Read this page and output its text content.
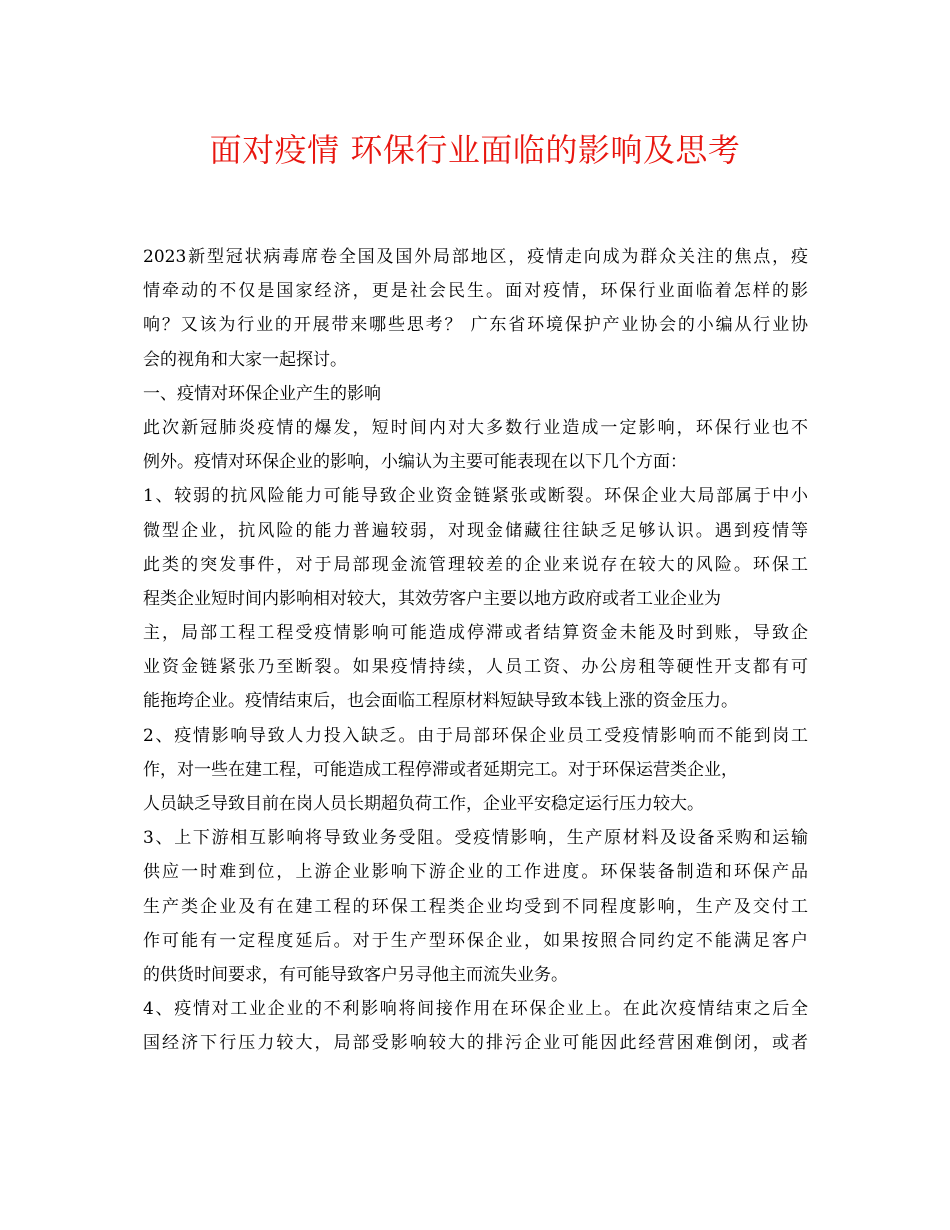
面对疫情 环保行业面临的影响及思考
2023新型冠状病毒席卷全国及国外局部地区，疫情走向成为群众关注的焦点，疫
情牵动的不仅是国家经济，更是社会民生。面对疫情，环保行业面临着怎样的影
响？又该为行业的开展带来哪些思考？ 广东省环境保护产业协会的小编从行业协
会的视角和大家一起探讨。
一、疫情对环保企业产生的影响
此次新冠肺炎疫情的爆发，短时间内对大多数行业造成一定影响，环保行业也不
例外。疫情对环保企业的影响，小编认为主要可能表现在以下几个方面：
1、较弱的抗风险能力可能导致企业资金链紧张或断裂。环保企业大局部属于中小
微型企业，抗风险的能力普遍较弱，对现金储藏往往缺乏足够认识。遇到疫情等
此类的突发事件，对于局部现金流管理较差的企业来说存在较大的风险。环保工
程类企业短时间内影响相对较大，其效劳客户主要以地方政府或者工业企业为
主，局部工程工程受疫情影响可能造成停滞或者结算资金未能及时到账，导致企
业资金链紧张乃至断裂。如果疫情持续，人员工资、办公房租等硬性开支都有可
能拖垮企业。疫情结束后，也会面临工程原材料短缺导致本钱上涨的资金压力。
2、疫情影响导致人力投入缺乏。由于局部环保企业员工受疫情影响而不能到岗工
作，对一些在建工程，可能造成工程停滞或者延期完工。对于环保运营类企业，
人员缺乏导致目前在岗人员长期超负荷工作，企业平安稳定运行压力较大。
3、上下游相互影响将导致业务受阻。受疫情影响，生产原材料及设备采购和运输
供应一时难到位，上游企业影响下游企业的工作进度。环保装备制造和环保产品
生产类企业及有在建工程的环保工程类企业均受到不同程度影响，生产及交付工
作可能有一定程度延后。对于生产型环保企业，如果按照合同约定不能满足客户
的供货时间要求，有可能导致客户另寻他主而流失业务。
4、疫情对工业企业的不利影响将间接作用在环保企业上。在此次疫情结束之后全
国经济下行压力较大，局部受影响较大的排污企业可能因此经营困难倒闭，或者
